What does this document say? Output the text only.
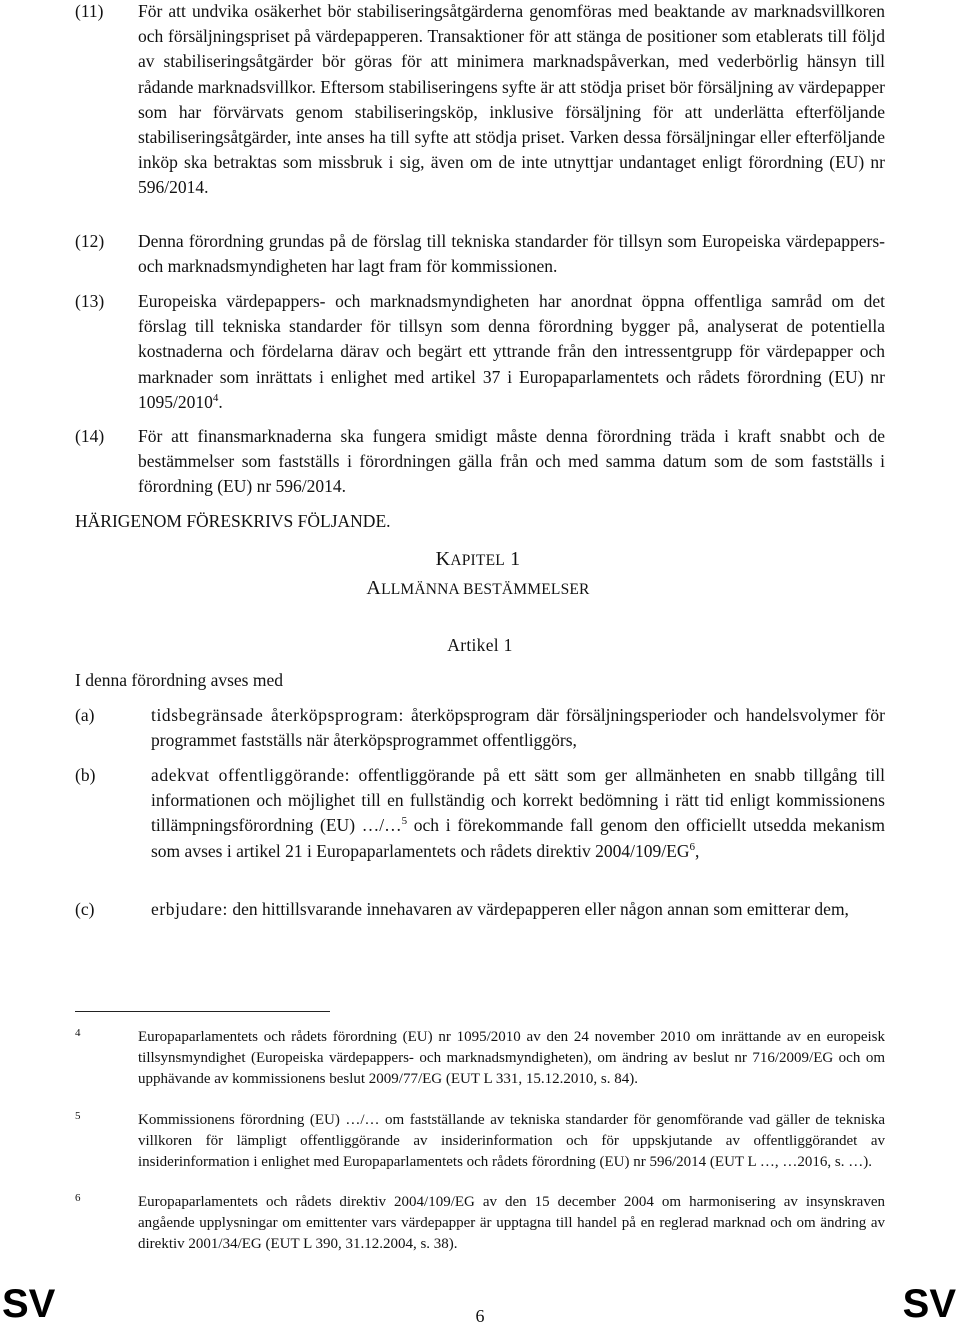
(11) För att undvika osäkerhet bör stabiliseringsåtgärderna genomföras med beaktande av marknadsvillkoren och försäljningspriset på värdepapperen. Transaktioner för att stänga de positioner som etablerats till följd av stabiliseringsåtgärder bör göras för att minimera marknadspåverkan, med vederbörlig hänsyn till rådande marknadsvillkor. Eftersom stabiliseringens syfte är att stödja priset bör försäljning av värdepapper som har förvärvats genom stabiliseringsköp, inklusive försäljning för att underlätta efterföljande stabiliseringsåtgärder, inte anses ha till syfte att stödja priset. Varken dessa försäljningar eller efterföljande inköp ska betraktas som missbruk i sig, även om de inte utnyttjar undantaget enligt förordning (EU) nr 596/2014.
(12) Denna förordning grundas på de förslag till tekniska standarder för tillsyn som Europeiska värdepappers- och marknadsmyndigheten har lagt fram för kommissionen.
(13) Europeiska värdepappers- och marknadsmyndigheten har anordnat öppna offentliga samråd om det förslag till tekniska standarder för tillsyn som denna förordning bygger på, analyserat de potentiella kostnaderna och fördelarna därav och begärt ett yttrande från den intressentgrupp för värdepapper och marknader som inrättats i enlighet med artikel 37 i Europaparlamentets och rådets förordning (EU) nr 1095/2010$^4$.
(14) För att finansmarknaderna ska fungera smidigt måste denna förordning träda i kraft snabbt och de bestämmelser som fastställs i förordningen gälla från och med samma datum som de som fastställs i förordning (EU) nr 596/2014.
HÄRIGENOM FÖRESKRIVS FÖLJANDE.
KAPITEL 1
ALLMÄNNA BESTÄMMELSER
Artikel 1
I denna förordning avses med
(a)	tidsbegränsade återköpsprogram: återköpsprogram där försäljningsperioder och handelsvolymer för programmet fastställs när återköpsprogrammet offentliggörs,
(b)	adekvat offentliggörande: offentliggörande på ett sätt som ger allmänheten en snabb tillgång till informationen och möjlighet till en fullständig och korrekt bedömning i rätt tid enligt kommissionens tillämpningsförordning (EU) …/…$^5$ och i förekommande fall genom den officiellt utsedda mekanism som avses i artikel 21 i Europaparlamentets och rådets direktiv $2004/109/EG^6$,
(c)	erbjudare: den hittillsvarande innehavaren av värdepapperen eller någon annan som emitterar dem,
4	Europaparlamentets och rådets förordning (EU) nr 1095/2010 av den 24 november 2010 om inrättande av en europeisk tillsynsmyndighet (Europeiska värdepappers- och marknadsmyndigheten), om ändring av beslut nr 716/2009/EG och om upphävande av kommissionens beslut 2009/77/EG (EUT L 331, 15.12.2010, s. 84).
5	Kommissionens förordning (EU) …/… om fastställande av tekniska standarder för genomförande vad gäller de tekniska villkoren för lämpligt offentliggörande av insiderinformation och för uppskjutande av offentliggörandet av insiderinformation i enlighet med Europaparlamentets och rådets förordning (EU) nr 596/2014 (EUT L …, …2016, s. …).
6	Europaparlamentets och rådets direktiv 2004/109/EG av den 15 december 2004 om harmonisering av insynskraven angående upplysningar om emittenter vars värdepapper är upptagna till handel på en reglerad marknad och om ändring av direktiv 2001/34/EG (EUT L 390, 31.12.2004, s. 38).
SV	6	SV
